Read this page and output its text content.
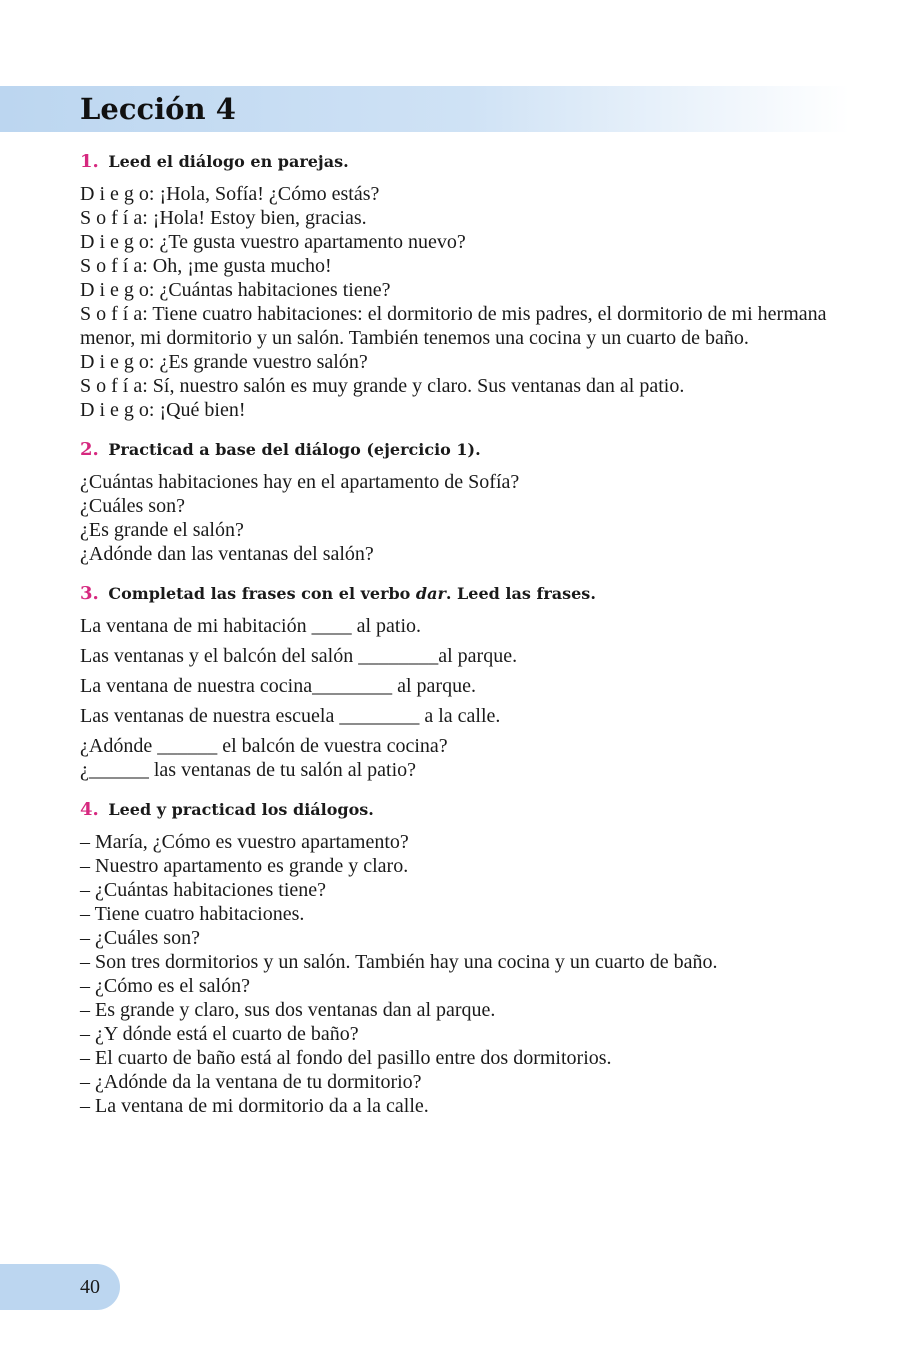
Lección 4

1. Leed el diálogo en parejas.

D i e g o: ¡Hola, Sofía! ¿Cómo estás?

S o f í a: ¡Hola! Estoy bien, gracias.

D i e g o: ¿Te gusta vuestro apartamento nuevo?

S o f í a: Oh, ¡me gusta mucho!

D i e g o: ¿Cuántas habitaciones tiene?

S o f í a: Tiene cuatro habitaciones: el dormitorio de mis padres, el dormitorio de mi hermana menor, mi dormitorio y un salón. También tenemos una cocina y un cuarto de baño.

D i e g o: ¿Es grande vuestro salón?

S o f í a: Sí, nuestro salón es muy grande y claro. Sus ventanas dan al patio.

D i e g o: ¡Qué bien!

2. Practicad a base del diálogo (ejercicio 1).

¿Cuántas habitaciones hay en el apartamento de Sofía?

¿Cuáles son?

¿Es grande el salón?

¿Adónde dan las ventanas del salón?

3. Completad las frases con el verbo dar. Leed las frases.

La ventana de mi habitación ____ al patio.

Las ventanas y el balcón del salón ________al parque.

La ventana de nuestra cocina________ al parque.

Las ventanas de nuestra escuela ________ a la calle.

¿Adónde ______ el balcón de vuestra cocina?

¿______ las ventanas de tu salón al patio?

4. Leed y practicad los diálogos.

– María, ¿Cómo es vuestro apartamento?

– Nuestro apartamento es grande y claro.

– ¿Cuántas habitaciones tiene?

– Tiene cuatro habitaciones.

– ¿Cuáles son?

– Son tres dormitorios y un salón. También hay una cocina y un cuarto de baño.

– ¿Cómo es el salón?

– Es grande y claro, sus dos ventanas dan al parque.

– ¿Y dónde está el cuarto de baño?

– El cuarto de baño está al fondo del pasillo entre dos dormitorios.

– ¿Adónde da la ventana de tu dormitorio?

– La ventana de mi dormitorio da a la calle.

40
